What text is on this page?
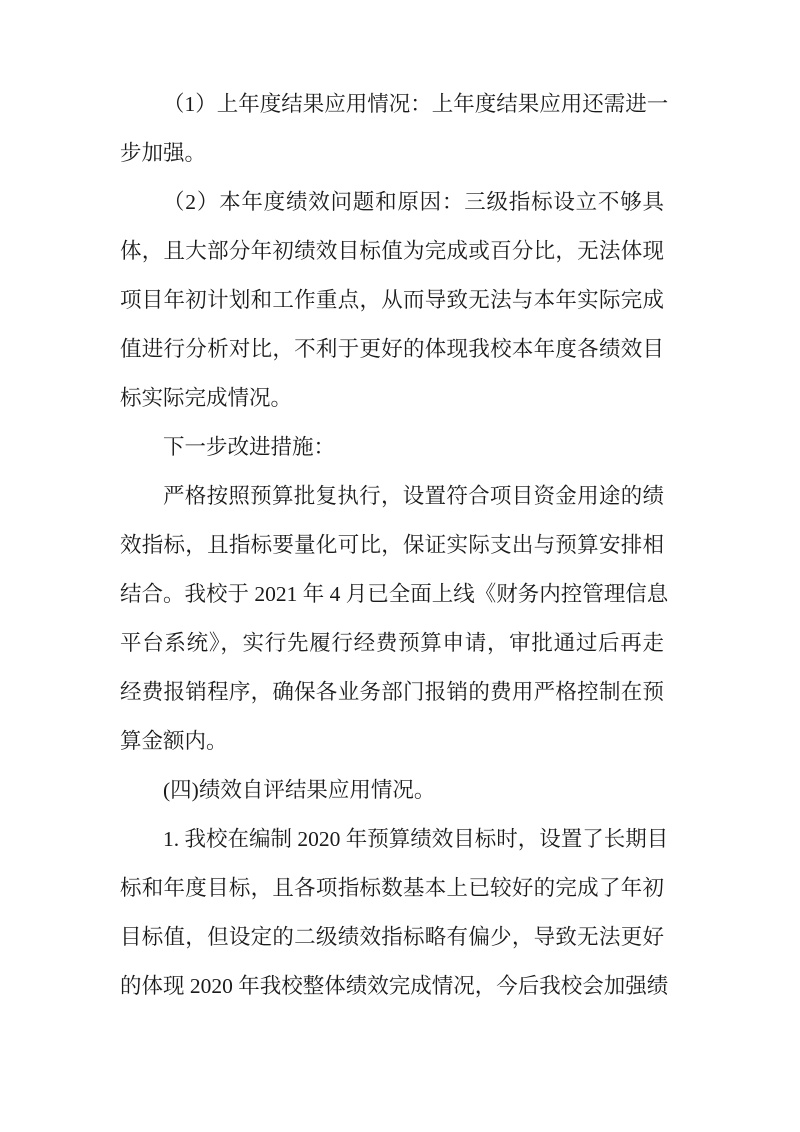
（1）上年度结果应用情况：上年度结果应用还需进一
步加强。
（2）本年度绩效问题和原因：三级指标设立不够具
体，且大部分年初绩效目标值为完成或百分比，无法体现
项目年初计划和工作重点，从而导致无法与本年实际完成
值进行分析对比，不利于更好的体现我校本年度各绩效目
标实际完成情况。
下一步改进措施：
严格按照预算批复执行，设置符合项目资金用途的绩
效指标，且指标要量化可比，保证实际支出与预算安排相
结合。我校于 2021 年 4 月已全面上线《财务内控管理信息
平台系统》，实行先履行经费预算申请，审批通过后再走
经费报销程序，确保各业务部门报销的费用严格控制在预
算金额内。
(四)绩效自评结果应用情况。
1. 我校在编制 2020 年预算绩效目标时，设置了长期目
标和年度目标，且各项指标数基本上已较好的完成了年初
目标值，但设定的二级绩效指标略有偏少，导致无法更好
的体现 2020 年我校整体绩效完成情况，今后我校会加强绩
